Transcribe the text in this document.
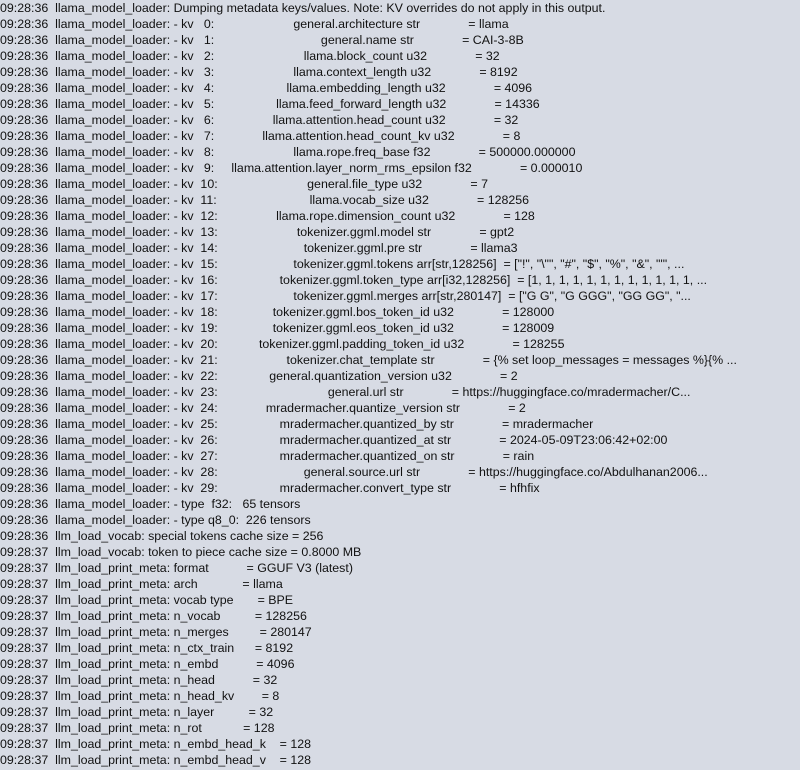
09:28:36  llama_model_loader: Dumping metadata keys/values. Note: KV overrides do not apply in this output.
09:28:36  llama_model_loader: - kv   0:                       general.architecture str              = llama
09:28:36  llama_model_loader: - kv   1:                               general.name str              = CAI-3-8B
09:28:36  llama_model_loader: - kv   2:                          llama.block_count u32              = 32
09:28:36  llama_model_loader: - kv   3:                       llama.context_length u32              = 8192
09:28:36  llama_model_loader: - kv   4:                     llama.embedding_length u32              = 4096
09:28:36  llama_model_loader: - kv   5:                  llama.feed_forward_length u32              = 14336
09:28:36  llama_model_loader: - kv   6:                 llama.attention.head_count u32              = 32
09:28:36  llama_model_loader: - kv   7:              llama.attention.head_count_kv u32              = 8
09:28:36  llama_model_loader: - kv   8:                       llama.rope.freq_base f32              = 500000.000000
09:28:36  llama_model_loader: - kv   9:     llama.attention.layer_norm_rms_epsilon f32              = 0.000010
09:28:36  llama_model_loader: - kv  10:                          general.file_type u32              = 7
09:28:36  llama_model_loader: - kv  11:                           llama.vocab_size u32              = 128256
09:28:36  llama_model_loader: - kv  12:                 llama.rope.dimension_count u32              = 128
09:28:36  llama_model_loader: - kv  13:                       tokenizer.ggml.model str              = gpt2
09:28:36  llama_model_loader: - kv  14:                         tokenizer.ggml.pre str              = llama3
09:28:36  llama_model_loader: - kv  15:                      tokenizer.ggml.tokens arr[str,128256]  = ["!", "\"", "#", "$", "%", "&", "'", ...
09:28:36  llama_model_loader: - kv  16:                  tokenizer.ggml.token_type arr[i32,128256]  = [1, 1, 1, 1, 1, 1, 1, 1, 1, 1, 1, 1, ...
09:28:36  llama_model_loader: - kv  17:                      tokenizer.ggml.merges arr[str,280147]  = ["G G", "G GGG", "GG GG", "...
09:28:36  llama_model_loader: - kv  18:                tokenizer.ggml.bos_token_id u32              = 128000
09:28:36  llama_model_loader: - kv  19:                tokenizer.ggml.eos_token_id u32              = 128009
09:28:36  llama_model_loader: - kv  20:            tokenizer.ggml.padding_token_id u32              = 128255
09:28:36  llama_model_loader: - kv  21:                    tokenizer.chat_template str              = {% set loop_messages = messages %}{% ...
09:28:36  llama_model_loader: - kv  22:               general.quantization_version u32              = 2
09:28:36  llama_model_loader: - kv  23:                                general.url str              = https://huggingface.co/mradermacher/C...
09:28:36  llama_model_loader: - kv  24:              mradermacher.quantize_version str              = 2
09:28:36  llama_model_loader: - kv  25:                  mradermacher.quantized_by str              = mradermacher
09:28:36  llama_model_loader: - kv  26:                  mradermacher.quantized_at str              = 2024-05-09T23:06:42+02:00
09:28:36  llama_model_loader: - kv  27:                  mradermacher.quantized_on str              = rain
09:28:36  llama_model_loader: - kv  28:                         general.source.url str              = https://huggingface.co/Abdulhanan2006...
09:28:36  llama_model_loader: - kv  29:                  mradermacher.convert_type str              = hfhfix
09:28:36  llama_model_loader: - type  f32:   65 tensors
09:28:36  llama_model_loader: - type q8_0:  226 tensors
09:28:36  llm_load_vocab: special tokens cache size = 256
09:28:37  llm_load_vocab: token to piece cache size = 0.8000 MB
09:28:37  llm_load_print_meta: format           = GGUF V3 (latest)
09:28:37  llm_load_print_meta: arch             = llama
09:28:37  llm_load_print_meta: vocab type       = BPE
09:28:37  llm_load_print_meta: n_vocab          = 128256
09:28:37  llm_load_print_meta: n_merges         = 280147
09:28:37  llm_load_print_meta: n_ctx_train      = 8192
09:28:37  llm_load_print_meta: n_embd           = 4096
09:28:37  llm_load_print_meta: n_head           = 32
09:28:37  llm_load_print_meta: n_head_kv        = 8
09:28:37  llm_load_print_meta: n_layer          = 32
09:28:37  llm_load_print_meta: n_rot            = 128
09:28:37  llm_load_print_meta: n_embd_head_k    = 128
09:28:37  llm_load_print_meta: n_embd_head_v    = 128
